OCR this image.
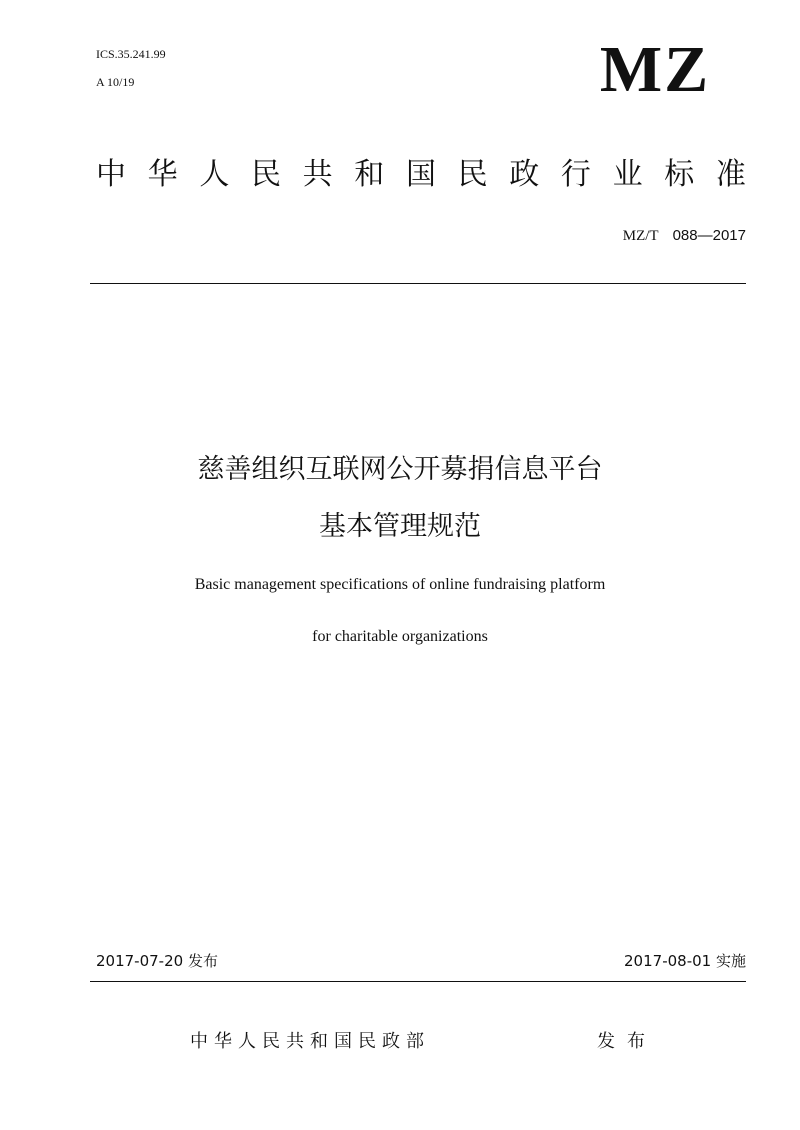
ICS.35.241.99
A 10/19	MZ
中 华 人 民 共 和 国 民 政 行 业 标 准
MZ/T 088—2017
慈善组织互联网公开募捐信息平台
基本管理规范
Basic management specifications of online fundraising platform
for charitable organizations
2017-07-20 发布	2017-08-01 实施
中华人民共和国民政部	发布
